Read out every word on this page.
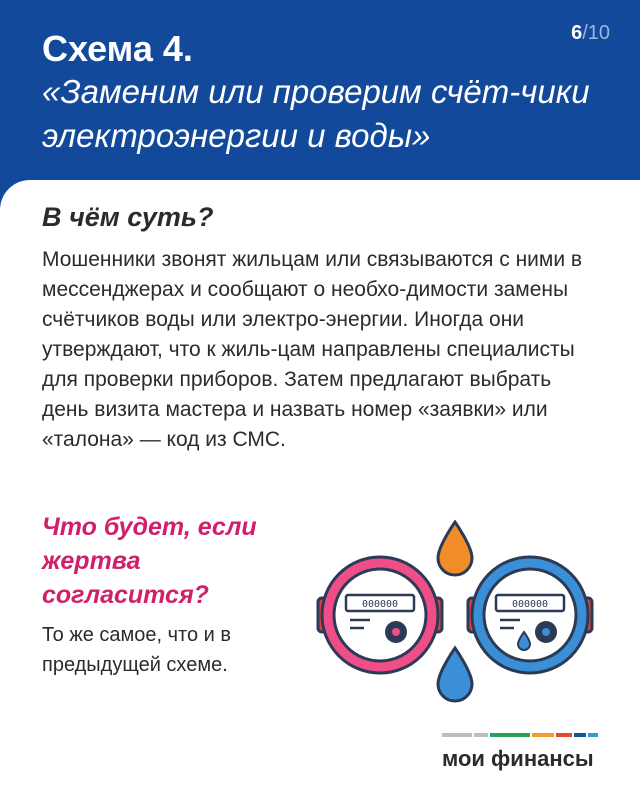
Схема 4.

«Заменим или проверим счёт-чики электроэнергии и воды»

6/10
В чём суть?

Мошенники звонят жильцам или связываются с ними в мессенджерах и сообщают о необхо-димости замены счётчиков воды или электро-энергии. Иногда они утверждают, что к жиль-цам направлены специалисты для проверки приборов. Затем предлагают выбрать день визита мастера и назвать номер «заявки» или «талона» — код из СМС.

Что будет, если жертва согласится?

То же самое, что и в предыдущей схеме.

000000	000000
мои финансы
